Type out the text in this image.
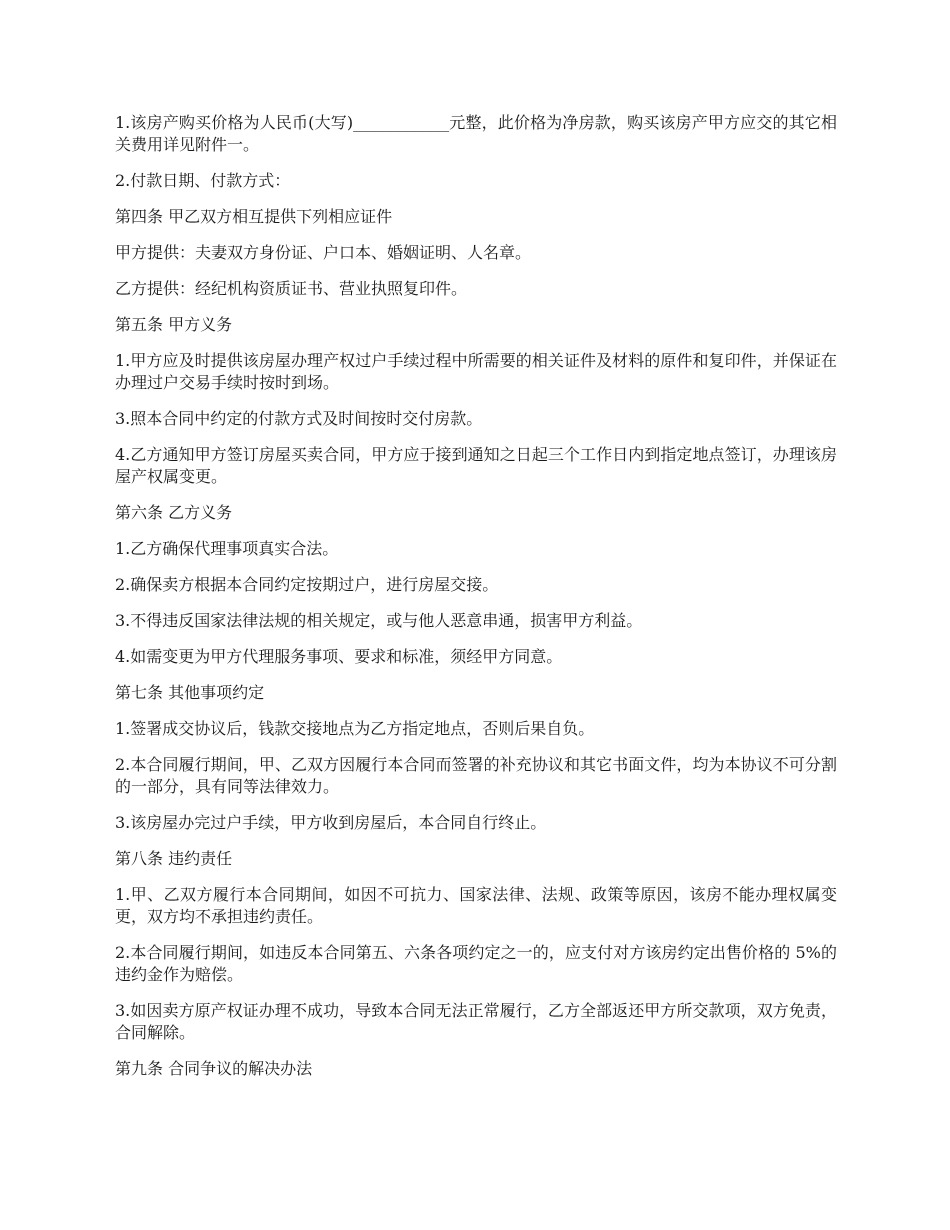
1.该房产购买价格为人民币(大写)____________元整，此价格为净房款，购买该房产甲方应交的其它相关费用详见附件一。

2.付款日期、付款方式：

第四条 甲乙双方相互提供下列相应证件

甲方提供：夫妻双方身份证、户口本、婚姻证明、人名章。

乙方提供：经纪机构资质证书、营业执照复印件。

第五条 甲方义务

1.甲方应及时提供该房屋办理产权过户手续过程中所需要的相关证件及材料的原件和复印件，并保证在办理过户交易手续时按时到场。

3.照本合同中约定的付款方式及时间按时交付房款。

4.乙方通知甲方签订房屋买卖合同，甲方应于接到通知之日起三个工作日内到指定地点签订，办理该房屋产权属变更。

第六条 乙方义务

1.乙方确保代理事项真实合法。

2.确保卖方根据本合同约定按期过户，进行房屋交接。

3.不得违反国家法律法规的相关规定，或与他人恶意串通，损害甲方利益。

4.如需变更为甲方代理服务事项、要求和标准，须经甲方同意。

第七条 其他事项约定

1.签署成交协议后，钱款交接地点为乙方指定地点，否则后果自负。

2.本合同履行期间，甲、乙双方因履行本合同而签署的补充协议和其它书面文件，均为本协议不可分割的一部分，具有同等法律效力。

3.该房屋办完过户手续，甲方收到房屋后，本合同自行终止。

第八条 违约责任

1.甲、乙双方履行本合同期间，如因不可抗力、国家法律、法规、政策等原因，该房不能办理权属变更，双方均不承担违约责任。

2.本合同履行期间，如违反本合同第五、六条各项约定之一的，应支付对方该房约定出售价格的 5%的违约金作为赔偿。

3.如因卖方原产权证办理不成功，导致本合同无法正常履行，乙方全部返还甲方所交款项，双方免责，合同解除。

第九条 合同争议的解决办法
